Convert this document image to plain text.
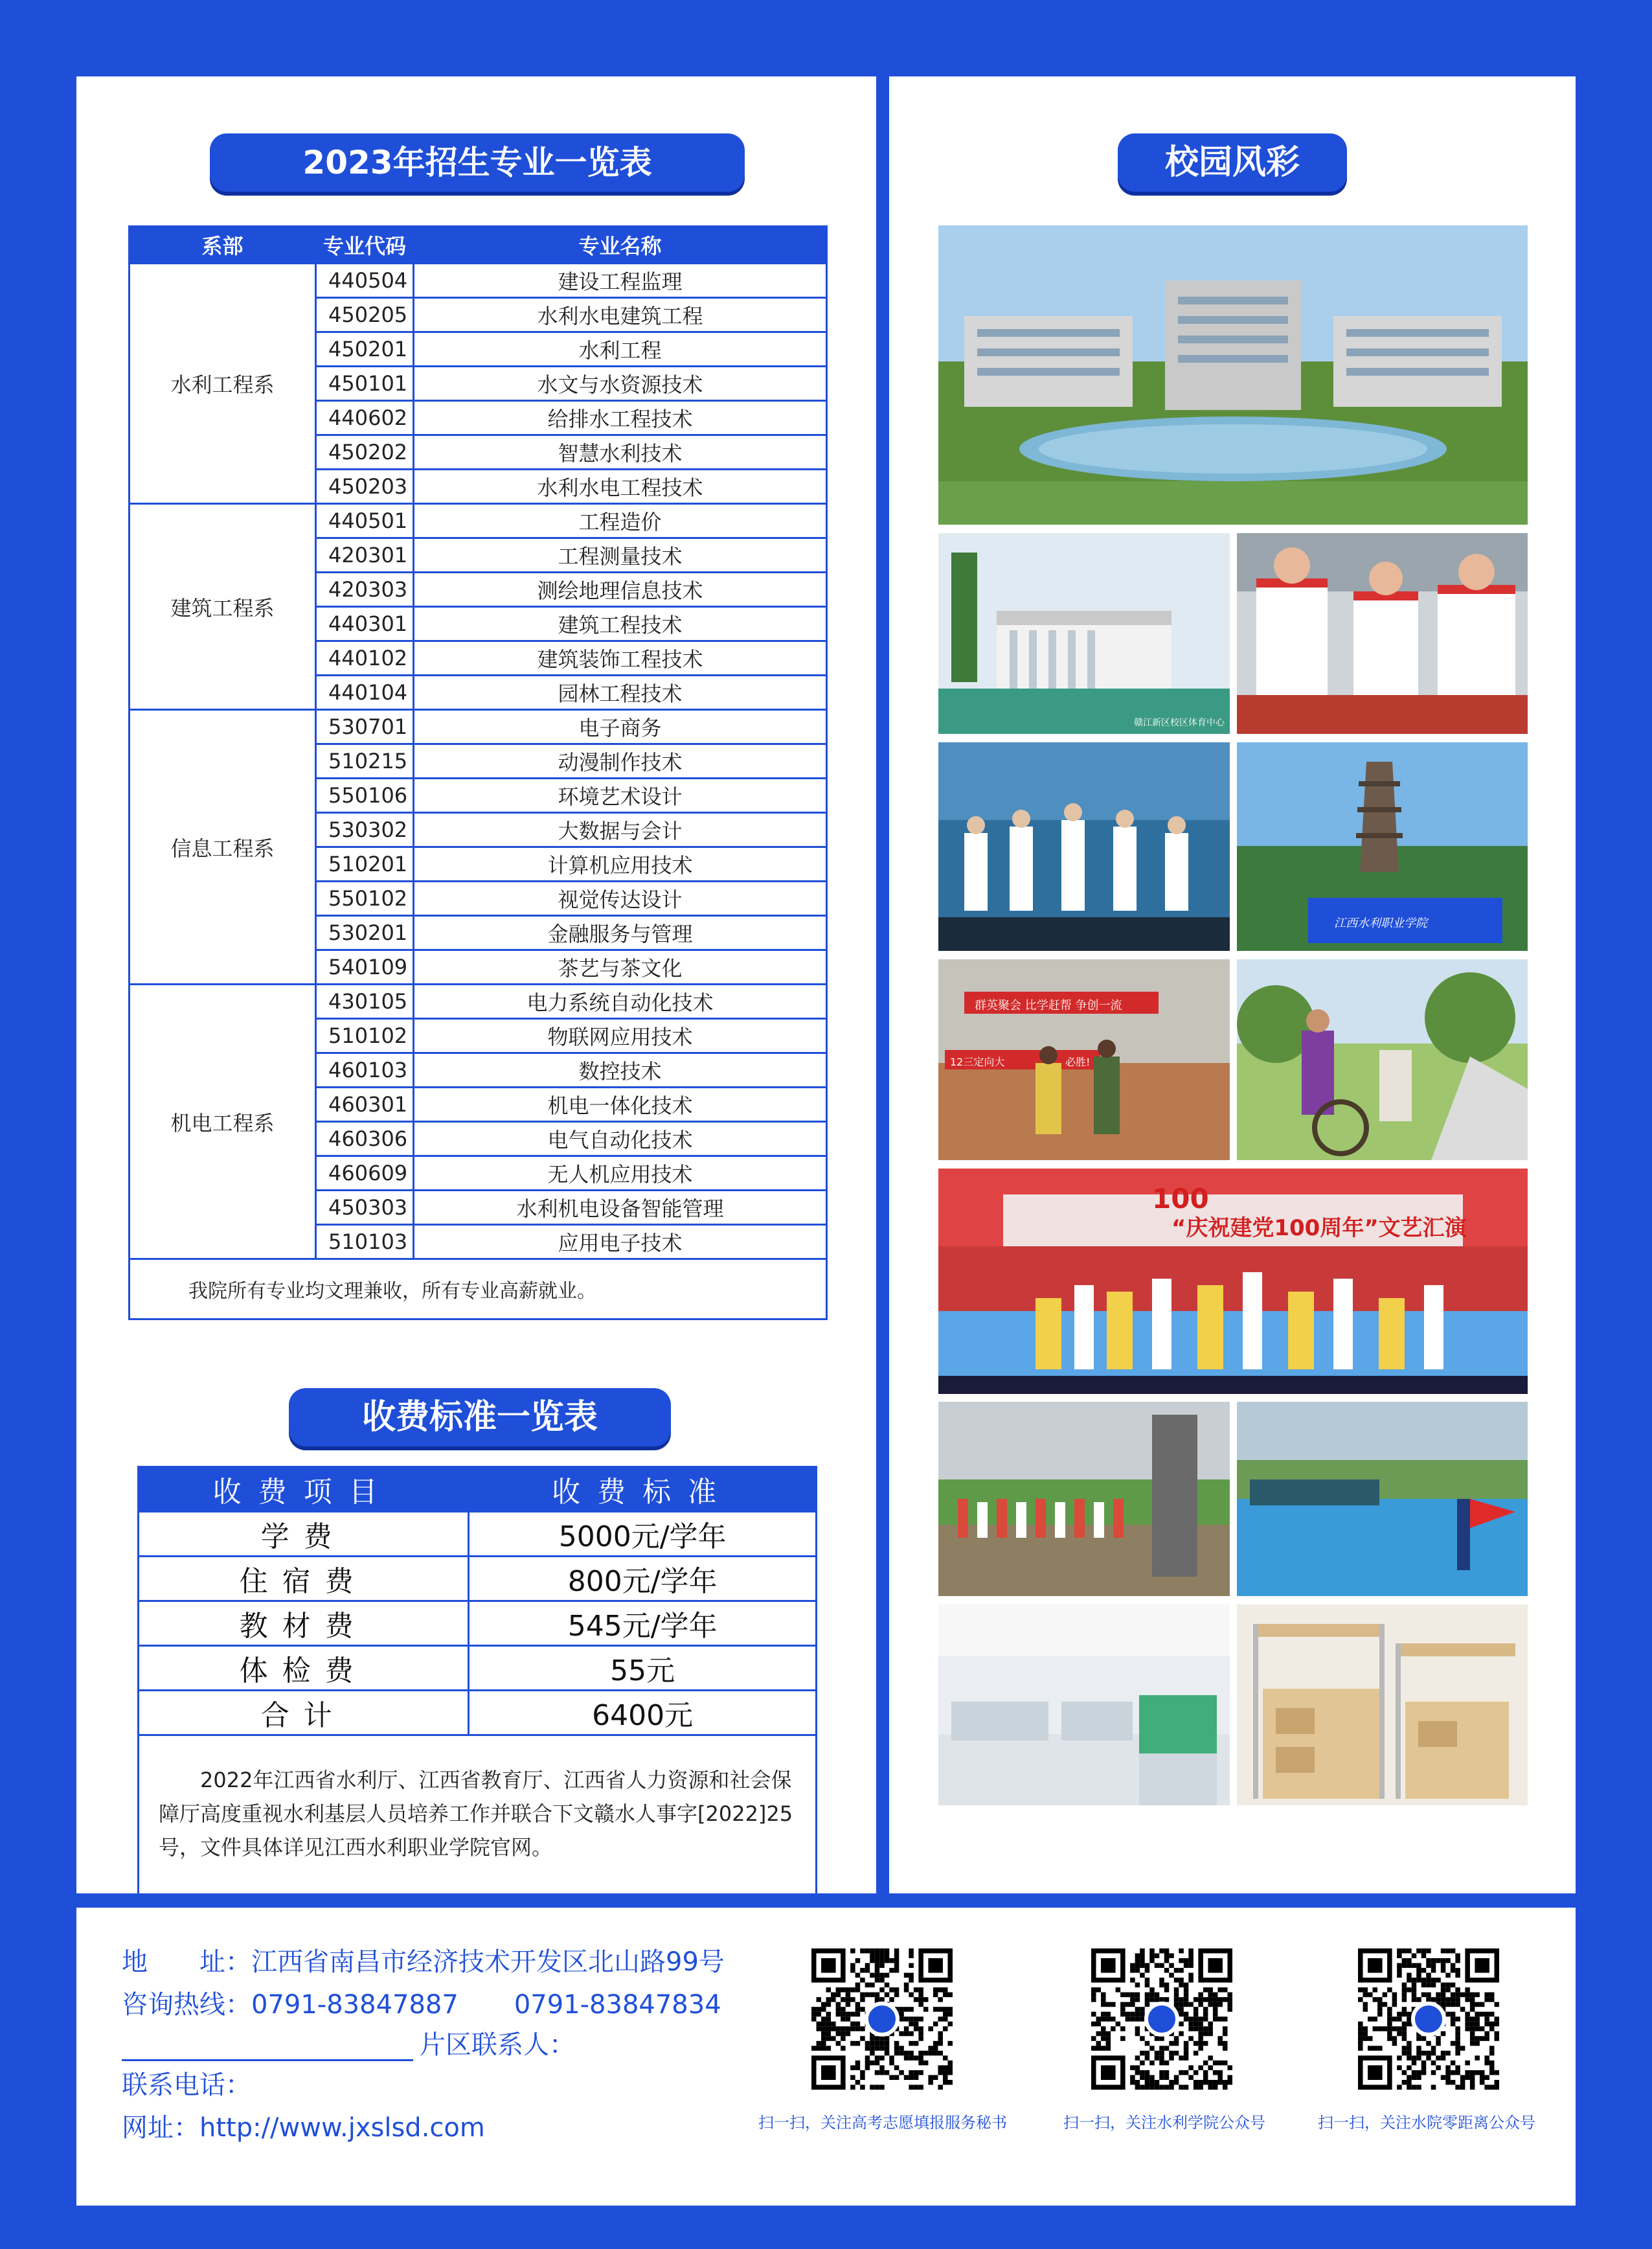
2023年招生专业一览表
系部	专业代码	专业名称
水利工程系	440504	建设工程监理
	450205	水利水电建筑工程
	450201	水利工程
	450101	水文与水资源技术
	440602	给排水工程技术
	450202	智慧水利技术
	450203	水利水电工程技术
建筑工程系	440501	工程造价
	420301	工程测量技术
	420303	测绘地理信息技术
	440301	建筑工程技术
	440102	建筑装饰工程技术
	440104	园林工程技术
信息工程系	530701	电子商务
	510215	动漫制作技术
	550106	环境艺术设计
	530302	大数据与会计
	510201	计算机应用技术
	550102	视觉传达设计
	530201	金融服务与管理
	540109	茶艺与茶文化
机电工程系	430105	电力系统自动化技术
	510102	物联网应用技术
	460103	数控技术
	460301	机电一体化技术
	460306	电气自动化技术
	460609	无人机应用技术
	450303	水利机电设备智能管理
	510103	应用电子技术
我院所有专业均文理兼收，所有专业高薪就业。		
收费标准一览表
收费项目	收费标准
学费	5000元/学年
住宿费	800元/学年
教材费	545元/学年
体检费	55元
合计	6400元
2022年江西省水利厅、江西省教育厅、江西省人力资源和社会保障厅高度重视水利基层人员培养工作并联合下文赣水人事字[2022]25号，文件具体详见江西水利职业学院官网。	
校园风彩
赣江新区校区体育中心
江西水利职业学院
群英聚会 比学赶帮 争创一流
12三定向大	必胜!
100
“庆祝建党100周年”文艺汇演
地　　址：江西省南昌市经济技术开发区北山路99号
咨询热线：0791-83847887 0791-83847834
片区联系人：
联系电话：
网址：http://www.jxslsd.com	扫一扫，关注高考志愿填报服务秘书	扫一扫，关注水利学院公众号	扫一扫，关注水院零距离公众号
